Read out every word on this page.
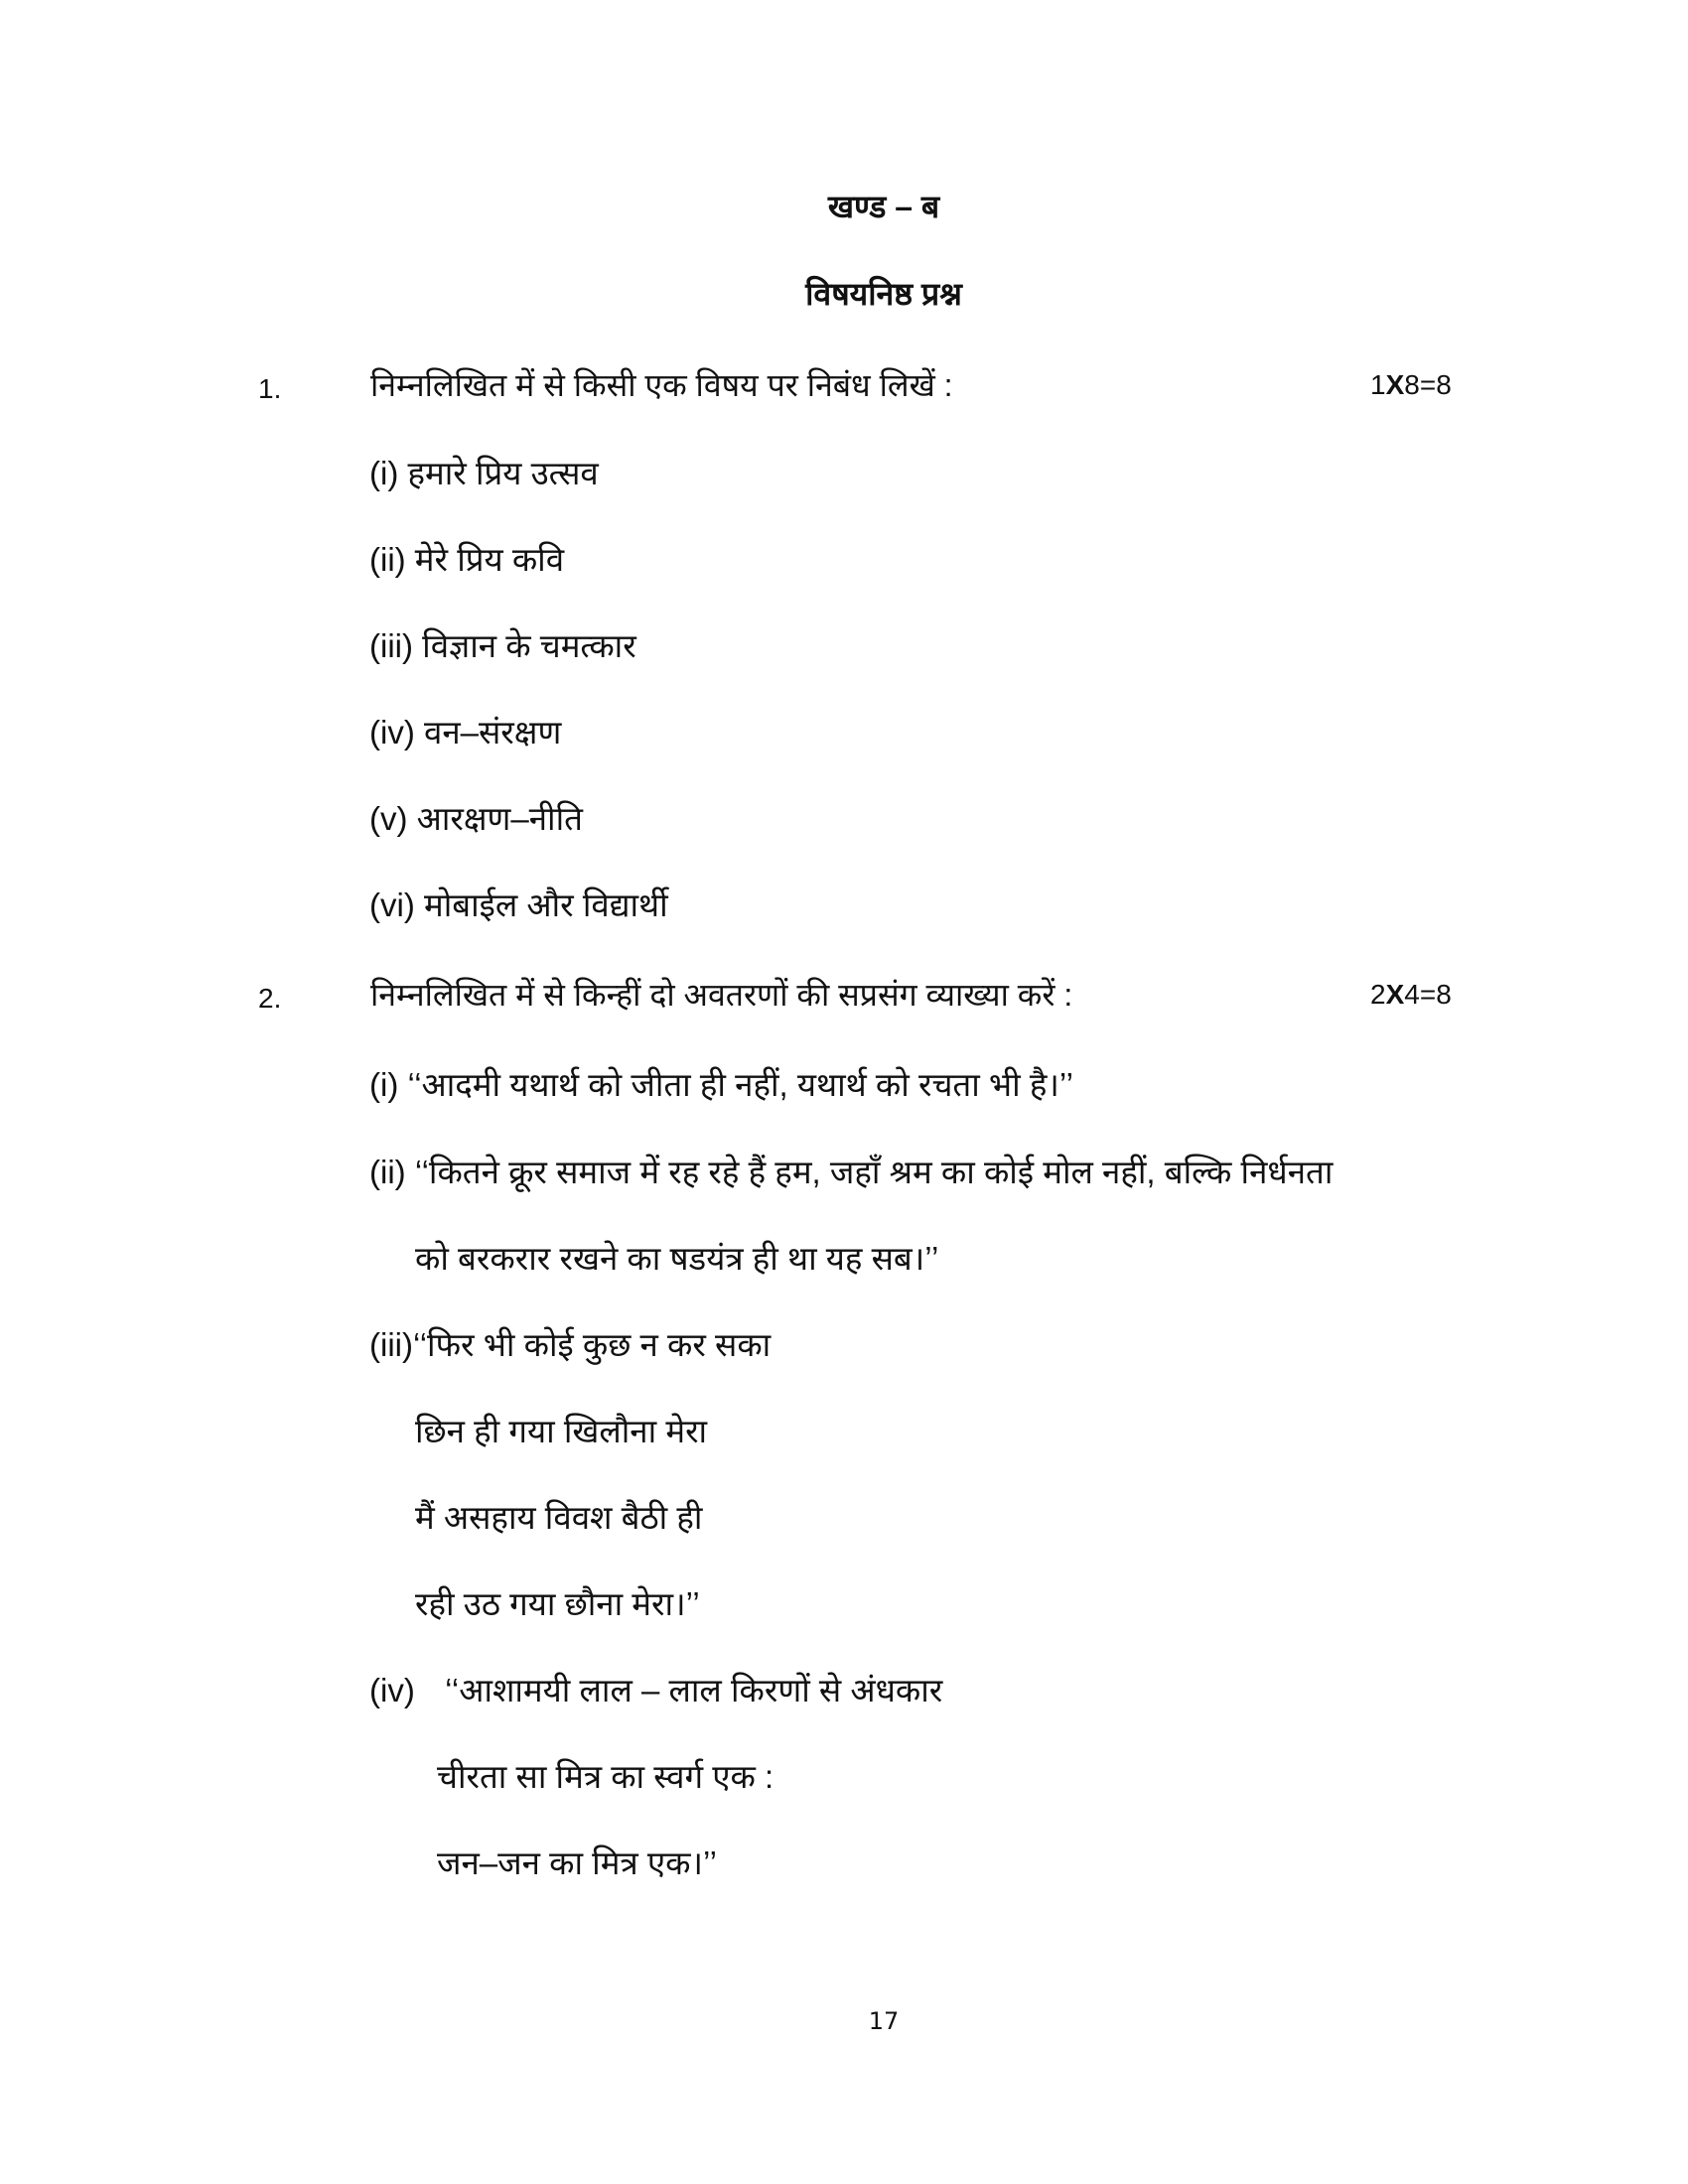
खण्ड – ब
विषयनिष्ठ प्रश्न
1.	निम्नलिखित में से किसी एक विषय पर निबंध लिखें :	1X8=8
(i) हमारे प्रिय उत्सव
(ii) मेरे प्रिय कवि
(iii) विज्ञान के चमत्कार
(iv) वन–संरक्षण
(v) आरक्षण–नीति
(vi) मोबाईल और विद्यार्थी
2.	निम्नलिखित में से किन्हीं दो अवतरणों की सप्रसंग व्याख्या करें :	2X4=8
(i) ‘‘आदमी यथार्थ को जीता ही नहीं, यथार्थ को रचता भी है।’’
(ii) ‘‘कितने क्रूर समाज में रह रहे हैं हम, जहाँ श्रम का कोई मोल नहीं, बल्कि निर्धनता
को बरकरार रखने का षडयंत्र ही था यह सब।’’
(iii)‘‘फिर भी कोई कुछ न कर सका
छिन ही गया खिलौना मेरा
मैं असहाय विवश बैठी ही
रही उठ गया छौना मेरा।’’
(iv) ‘‘आशामयी लाल – लाल किरणों से अंधकार
चीरता सा मित्र का स्वर्ग एक :
जन–जन का मित्र एक।’’
17
